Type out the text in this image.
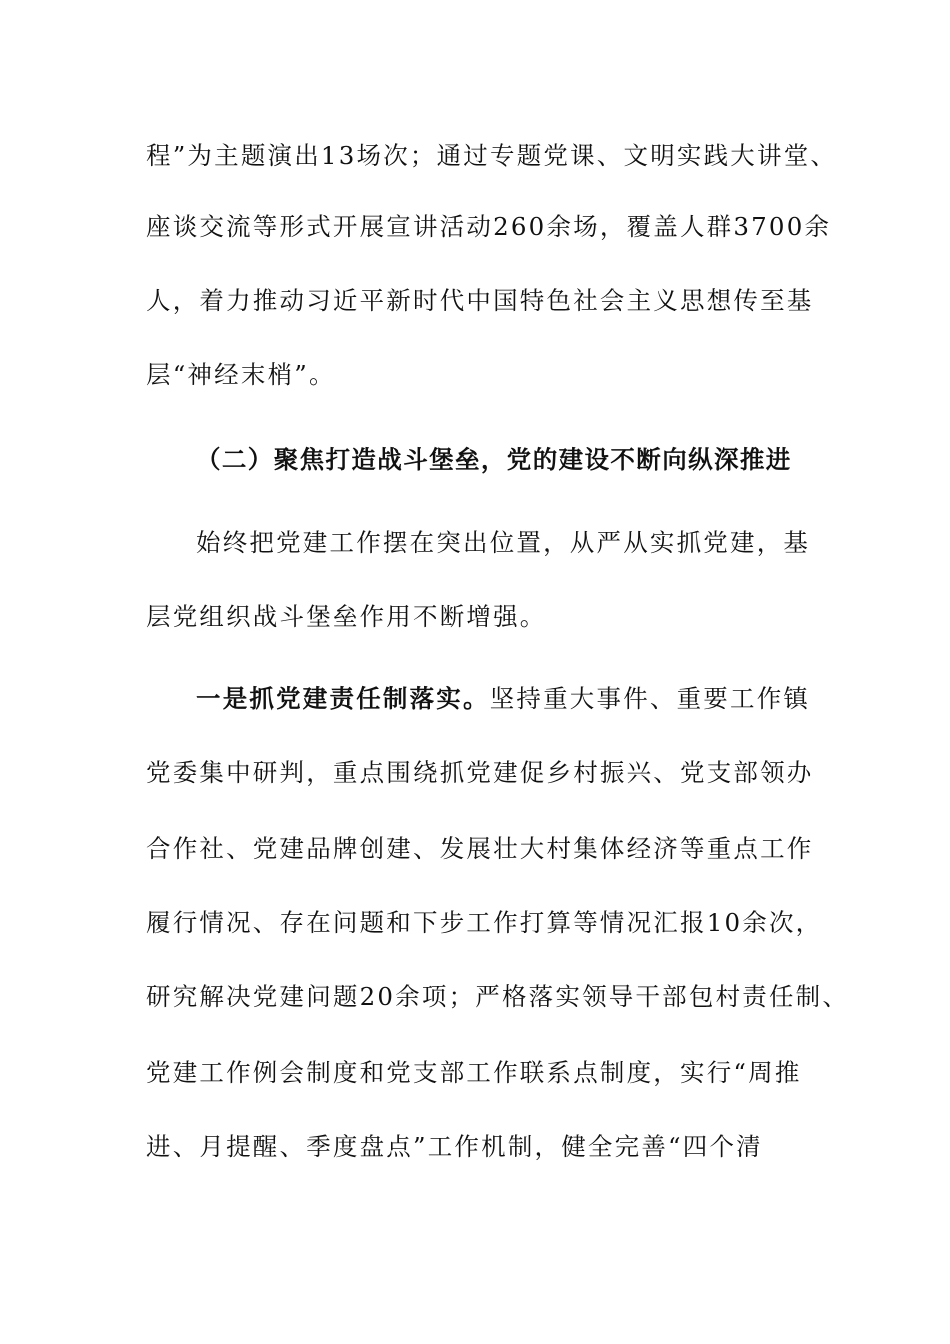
程”为主题演出13场次；通过专题党课、文明实践大讲堂、
座谈交流等形式开展宣讲活动260余场，覆盖人群3700余
人，着力推动习近平新时代中国特色社会主义思想传至基
层“神经末梢”。
（二）聚焦打造战斗堡垒，党的建设不断向纵深推进
始终把党建工作摆在突出位置，从严从实抓党建，基
层党组织战斗堡垒作用不断增强。
一是抓党建责任制落实。坚持重大事件、重要工作镇
党委集中研判，重点围绕抓党建促乡村振兴、党支部领办
合作社、党建品牌创建、发展壮大村集体经济等重点工作
履行情况、存在问题和下步工作打算等情况汇报10余次，
研究解决党建问题20余项；严格落实领导干部包村责任制、
党建工作例会制度和党支部工作联系点制度，实行“周推
进、月提醒、季度盘点”工作机制，健全完善“四个清
